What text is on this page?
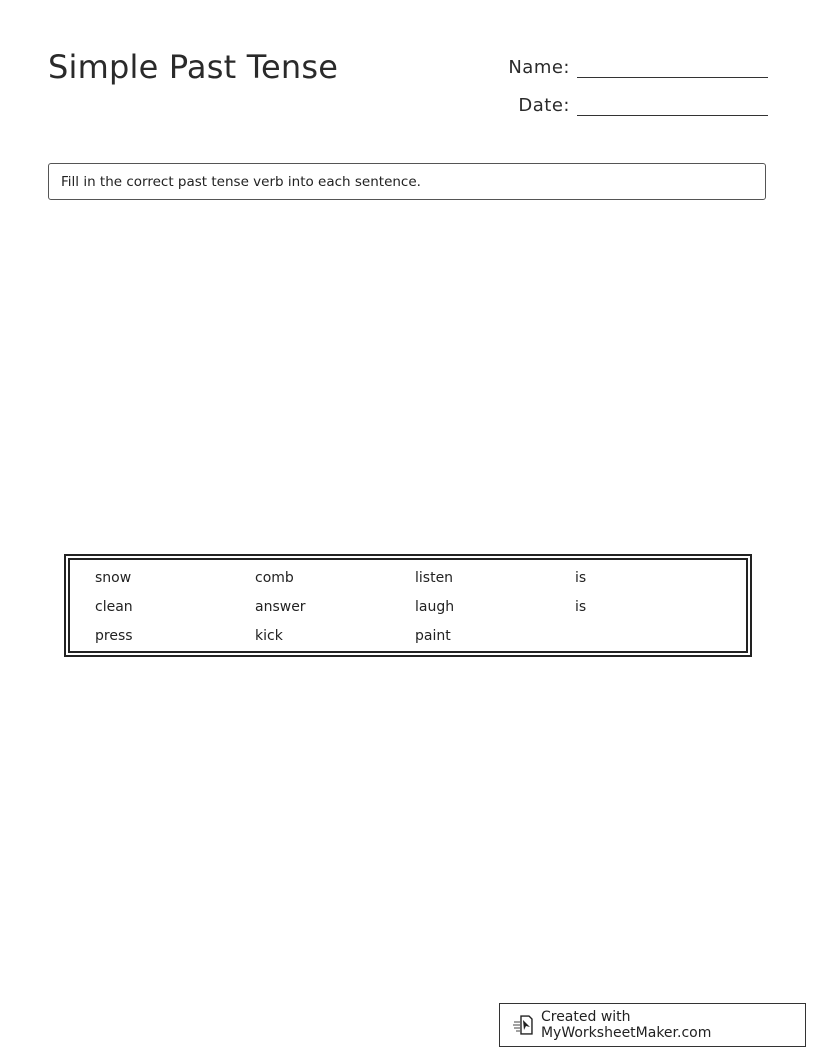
Simple Past Tense	Name:
Date:
Fill in the correct past tense verb into each sentence.
snow
clean
press
comb
answer
kick
listen
laugh
paint
is
is
Created with MyWorksheetMaker.com
